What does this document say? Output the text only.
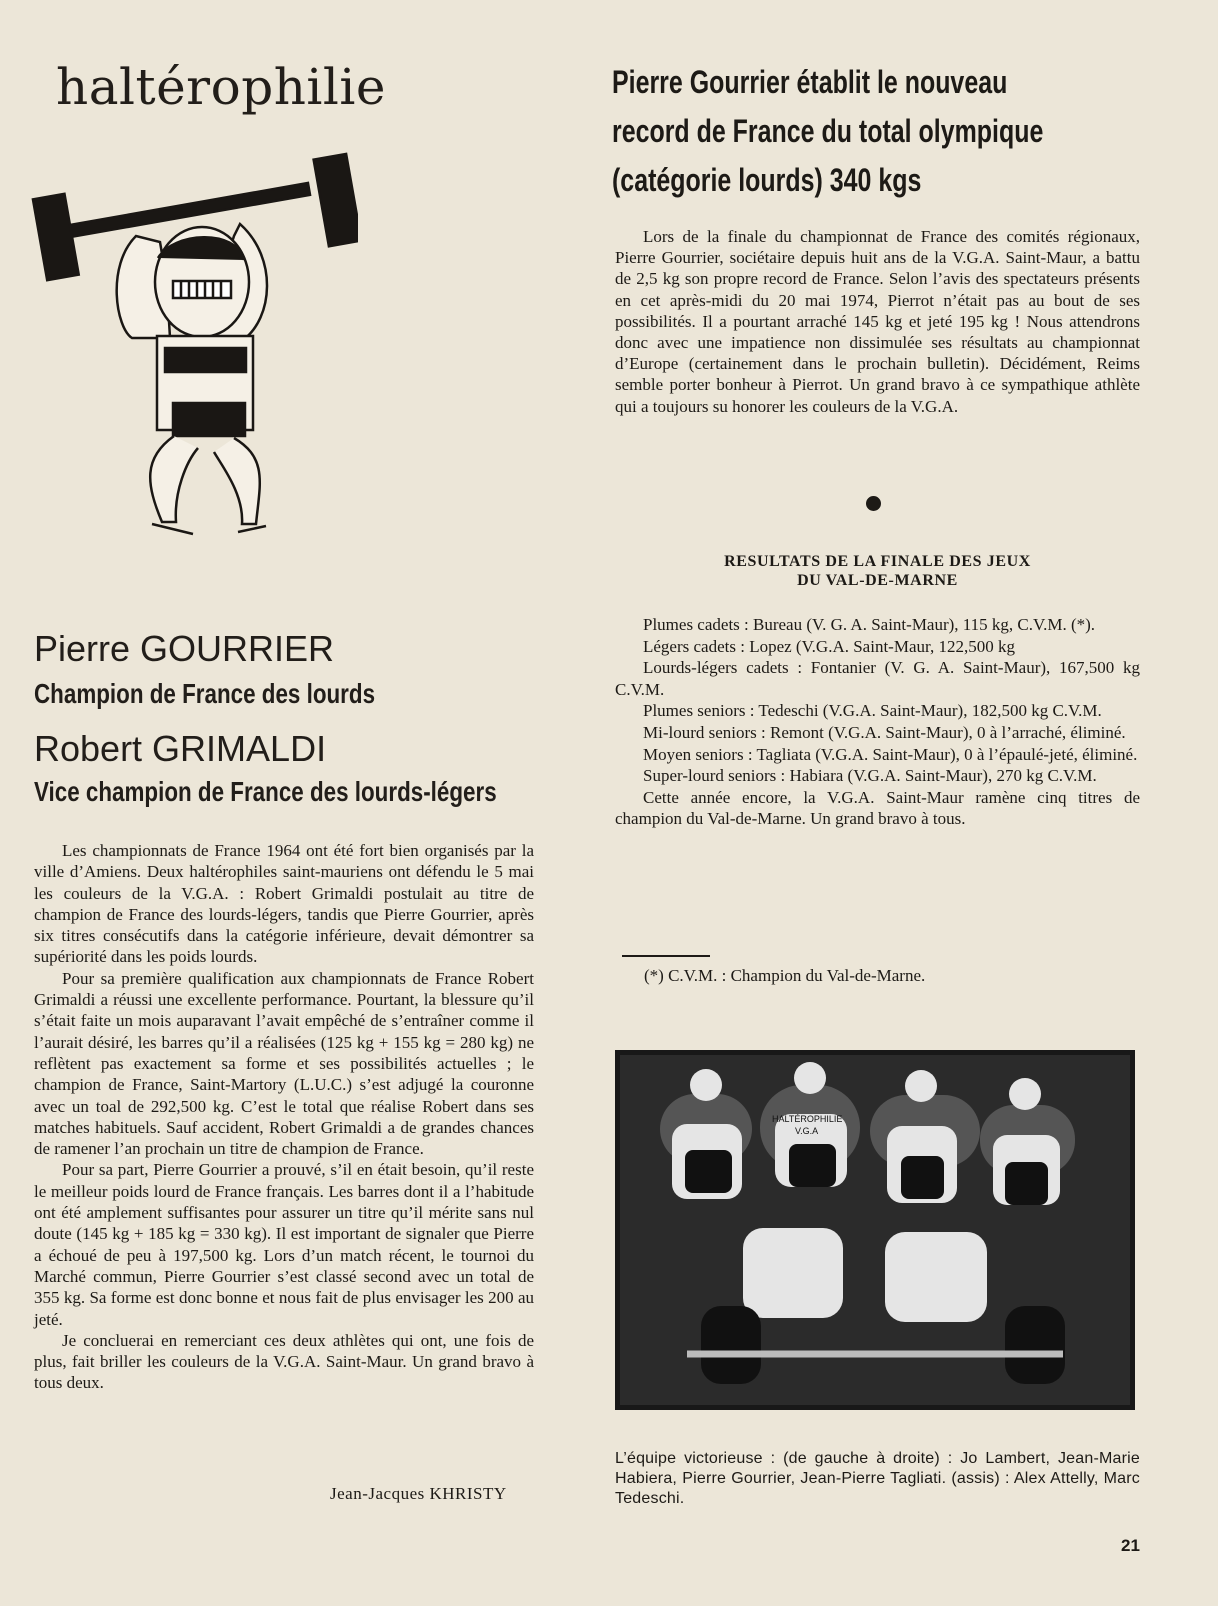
haltérophilie
Pierre GOURRIER
Champion de France des lourds
Robert GRIMALDI
Vice champion de France des lourds-légers

Les championnats de France 1964 ont été fort bien organisés par la ville d’Amiens. Deux haltérophiles saint-mauriens ont défendu le 5 mai les couleurs de la V.G.A. : Robert Grimaldi postulait au titre de champion de France des lourds-légers, tandis que Pierre Gourrier, après six titres consécutifs dans la catégorie inférieure, devait démontrer sa supériorité dans les poids lourds.

Pour sa première qualification aux championnats de France Robert Grimaldi a réussi une excellente performance. Pourtant, la blessure qu’il s’était faite un mois auparavant l’avait empêché de s’entraîner comme il l’aurait désiré, les barres qu’il a réalisées (125 kg + 155 kg = 280 kg) ne reflètent pas exactement sa forme et ses possibilités actuelles ; le champion de France, Saint-Martory (L.U.C.) s’est adjugé la couronne avec un toal de 292,500 kg. C’est le total que réalise Robert dans ses matches habituels. Sauf accident, Robert Grimaldi a de grandes chances de ramener l’an prochain un titre de champion de France.

Pour sa part, Pierre Gourrier a prouvé, s’il en était besoin, qu’il reste le meilleur poids lourd de France français. Les barres dont il a l’habitude ont été amplement suffisantes pour assurer un titre qu’il mérite sans nul doute (145 kg + 185 kg = 330 kg). Il est important de signaler que Pierre a échoué de peu à 197,500 kg. Lors d’un match récent, le tournoi du Marché commun, Pierre Gourrier s’est classé second avec un total de 355 kg. Sa forme est donc bonne et nous fait de plus envisager les 200 au jeté.

Je concluerai en remerciant ces deux athlètes qui ont, une fois de plus, fait briller les couleurs de la V.G.A. Saint-Maur. Un grand bravo à tous deux.

Jean-Jacques KHRISTY
Pierre Gourrier établit le nouveau
record de France du total olympique
(catégorie lourds) 340 kgs

Lors de la finale du championnat de France des comités régionaux, Pierre Gourrier, sociétaire depuis huit ans de la V.G.A. Saint-Maur, a battu de 2,5 kg son propre record de France. Selon l’avis des spectateurs présents en cet après-midi du 20 mai 1974, Pierrot n’était pas au bout de ses possibilités. Il a pourtant arraché 145 kg et jeté 195 kg ! Nous attendrons donc avec une impatience non dissimulée ses résultats au championnat d’Europe (certainement dans le prochain bulletin). Décidément, Reims semble porter bonheur à Pierrot. Un grand bravo à ce sympathique athlète qui a toujours su honorer les couleurs de la V.G.A.

RESULTATS DE LA FINALE DES JEUX
DU VAL-DE-MARNE

Plumes cadets : Bureau (V. G. A. Saint-Maur), 115 kg, C.V.M. (*).

Légers cadets : Lopez (V.G.A. Saint-Maur, 122,500 kg

Lourds-légers cadets : Fontanier (V. G. A. Saint-Maur), 167,500 kg C.V.M.

Plumes seniors : Tedeschi (V.G.A. Saint-Maur), 182,500 kg C.V.M.

Mi-lourd seniors : Remont (V.G.A. Saint-Maur), 0 à l’arraché, éliminé.

Moyen seniors : Tagliata (V.G.A. Saint-Maur), 0 à l’épaulé-jeté, éliminé.

Super-lourd seniors : Habiara (V.G.A. Saint-Maur), 270 kg C.V.M.

Cette année encore, la V.G.A. Saint-Maur ramène cinq titres de champion du Val-de-Marne. Un grand bravo à tous.

(*) C.V.M. : Champion du Val-de-Marne.
HALTÉROPHILIE
V.G.A
L’équipe victorieuse : (de gauche à droite) : Jo Lambert, Jean-Marie Habiera, Pierre Gourrier, Jean-Pierre Tagliati. (assis) : Alex Attelly, Marc Tedeschi.
21
